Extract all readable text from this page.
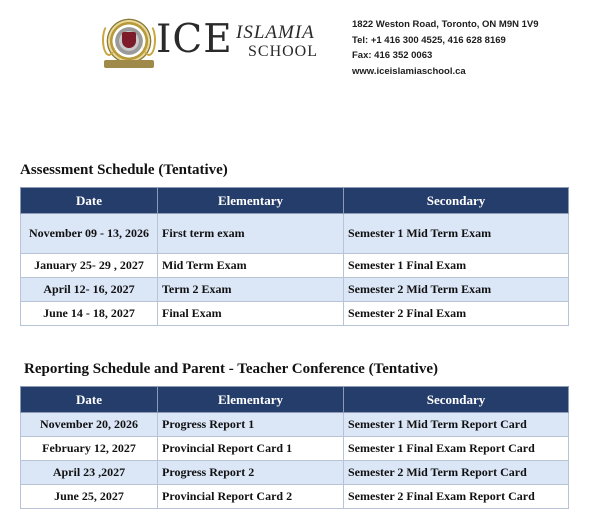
ICE ISLAMIA
SCHOOL
1822 Weston Road, Toronto, ON M9N 1V9
Tel: +1 416 300 4525, 416 628 8169
Fax: 416 352 0063
www.iceislamiaschool.ca
Assessment Schedule (Tentative)
Date	Elementary	Secondary
November 09 - 13, 2026	First term exam	Semester 1 Mid Term Exam
January 25- 29 , 2027	Mid Term Exam	Semester 1 Final Exam
April 12- 16, 2027	Term 2 Exam	Semester 2 Mid Term Exam
June 14 - 18, 2027	Final Exam	Semester 2 Final Exam
Reporting Schedule and Parent - Teacher Conference (Tentative)
Date	Elementary	Secondary
November 20, 2026	Progress Report 1	Semester 1 Mid Term Report Card
February 12, 2027	Provincial Report Card 1	Semester 1 Final Exam Report Card
April 23 ,2027	Progress Report 2	Semester 2 Mid Term Report Card
June 25, 2027	Provincial Report Card 2	Semester 2 Final Exam Report Card
